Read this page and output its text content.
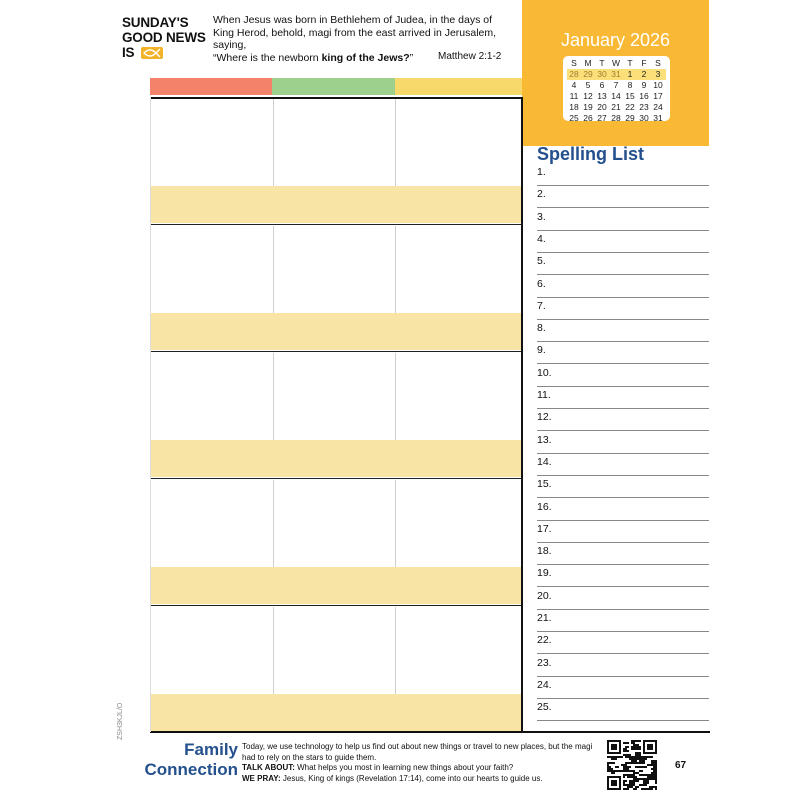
SUNDAY'S
GOOD NEWS
IS
When Jesus was born in Bethlehem of Judea, in the days of King Herod, behold, magi from the east arrived in Jerusalem, saying,
“Where is the newborn king of the Jews?” Matthew 2:1-2
January 2026
S M T W T	F	S
28 29 30 31 1	2	3
4	5	6	7	8	9 10
11 12 13 14 15 16 17
18 19 20 21 22 23 24
25 26 27 28 29 30 31
Spelling List
1.
2.
3.
4.
5.
6.
7.
8.
9.
10.
11.
12.
13.
14.
15.
16.
17.
18.
19.
20.
21.
22.
23.
24.
25.
ZSH3KJL/O
Family
Connection
Today, we use technology to help us find out about new things or travel to new places, but the magi had to rely on the stars to guide them.
TALK ABOUT: What helps you most in learning new things about your faith?
WE PRAY: Jesus, King of kings (Revelation 17:14), come into our hearts to guide us.
67
